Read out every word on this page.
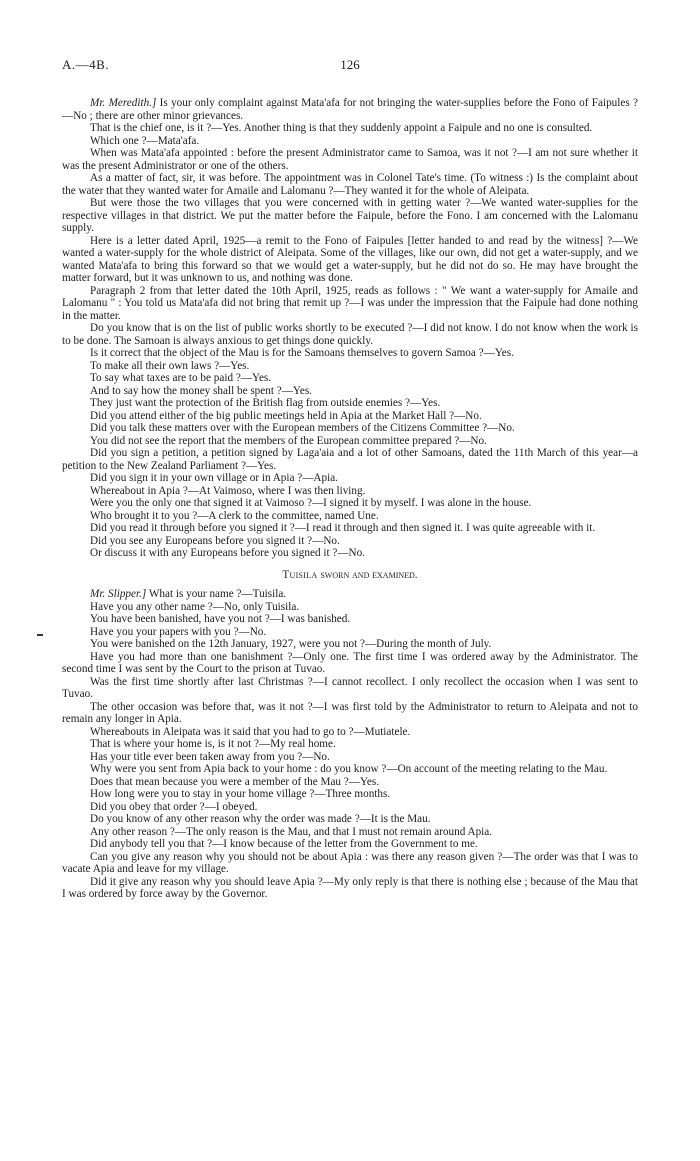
A.—4B.	126

Mr. Meredith.] Is your only complaint against Mata'afa for not bringing the water-supplies before the Fono of Faipules ?—No ; there are other minor grievances.

That is the chief one, is it ?—Yes. Another thing is that they suddenly appoint a Faipule and no one is consulted.

Which one ?—Mata'afa.

When was Mata'afa appointed : before the present Administrator came to Samoa, was it not ?—I am not sure whether it was the present Administrator or one of the others.

As a matter of fact, sir, it was before. The appointment was in Colonel Tate's time. (To witness :) Is the complaint about the water that they wanted water for Amaile and Lalomanu ?—They wanted it for the whole of Aleipata.

But were those the two villages that you were concerned with in getting water ?—We wanted water-supplies for the respective villages in that district. We put the matter before the Faipule, before the Fono. I am concerned with the Lalomanu supply.

Here is a letter dated April, 1925—a remit to the Fono of Faipules [letter handed to and read by the witness] ?—We wanted a water-supply for the whole district of Aleipata. Some of the villages, like our own, did not get a water-supply, and we wanted Mata'afa to bring this forward so that we would get a water-supply, but he did not do so. He may have brought the matter forward, but it was unknown to us, and nothing was done.

Paragraph 2 from that letter dated the 10th April, 1925, reads as follows : " We want a water-supply for Amaile and Lalomanu " : You told us Mata'afa did not bring that remit up ?—I was under the impression that the Faipule had done nothing in the matter.

Do you know that is on the list of public works shortly to be executed ?—I did not know. I do not know when the work is to be done. The Samoan is always anxious to get things done quickly.

Is it correct that the object of the Mau is for the Samoans themselves to govern Samoa ?—Yes.

To make all their own laws ?—Yes.

To say what taxes are to be paid ?—Yes.

And to say how the money shall be spent ?—Yes.

They just want the protection of the British flag from outside enemies ?—Yes.

Did you attend either of the big public meetings held in Apia at the Market Hall ?—No.

Did you talk these matters over with the European members of the Citizens Committee ?—No.

You did not see the report that the members of the European committee prepared ?—No.

Did you sign a petition, a petition signed by Laga'aia and a lot of other Samoans, dated the 11th March of this year—a petition to the New Zealand Parliament ?—Yes.

Did you sign it in your own village or in Apia ?—Apia.

Whereabout in Apia ?—At Vaimoso, where I was then living.

Were you the only one that signed it at Vaimoso ?—I signed it by myself. I was alone in the house.

Who brought it to you ?—A clerk to the committee, named Une.

Did you read it through before you signed it ?—I read it through and then signed it. I was quite agreeable with it.

Did you see any Europeans before you signed it ?—No.

Or discuss it with any Europeans before you signed it ?—No.

Tuisila sworn and examined.

Mr. Slipper.] What is your name ?—Tuisila.

Have you any other name ?—No, only Tuisila.

You have been banished, have you not ?—I was banished.

Have you your papers with you ?—No.

You were banished on the 12th January, 1927, were you not ?—During the month of July.

Have you had more than one banishment ?—Only one. The first time I was ordered away by the Administrator. The second time I was sent by the Court to the prison at Tuvao.

Was the first time shortly after last Christmas ?—I cannot recollect. I only recollect the occasion when I was sent to Tuvao.

The other occasion was before that, was it not ?—I was first told by the Administrator to return to Aleipata and not to remain any longer in Apia.

Whereabouts in Aleipata was it said that you had to go to ?—Mutiatele.

That is where your home is, is it not ?—My real home.

Has your title ever been taken away from you ?—No.

Why were you sent from Apia back to your home : do you know ?—On account of the meeting relating to the Mau.

Does that mean because you were a member of the Mau ?—Yes.

How long were you to stay in your home village ?—Three months.

Did you obey that order ?—I obeyed.

Do you know of any other reason why the order was made ?—It is the Mau.

Any other reason ?—The only reason is the Mau, and that I must not remain around Apia.

Did anybody tell you that ?—I know because of the letter from the Government to me.

Can you give any reason why you should not be about Apia : was there any reason given ?—The order was that I was to vacate Apia and leave for my village.

Did it give any reason why you should leave Apia ?—My only reply is that there is nothing else ; because of the Mau that I was ordered by force away by the Governor.
